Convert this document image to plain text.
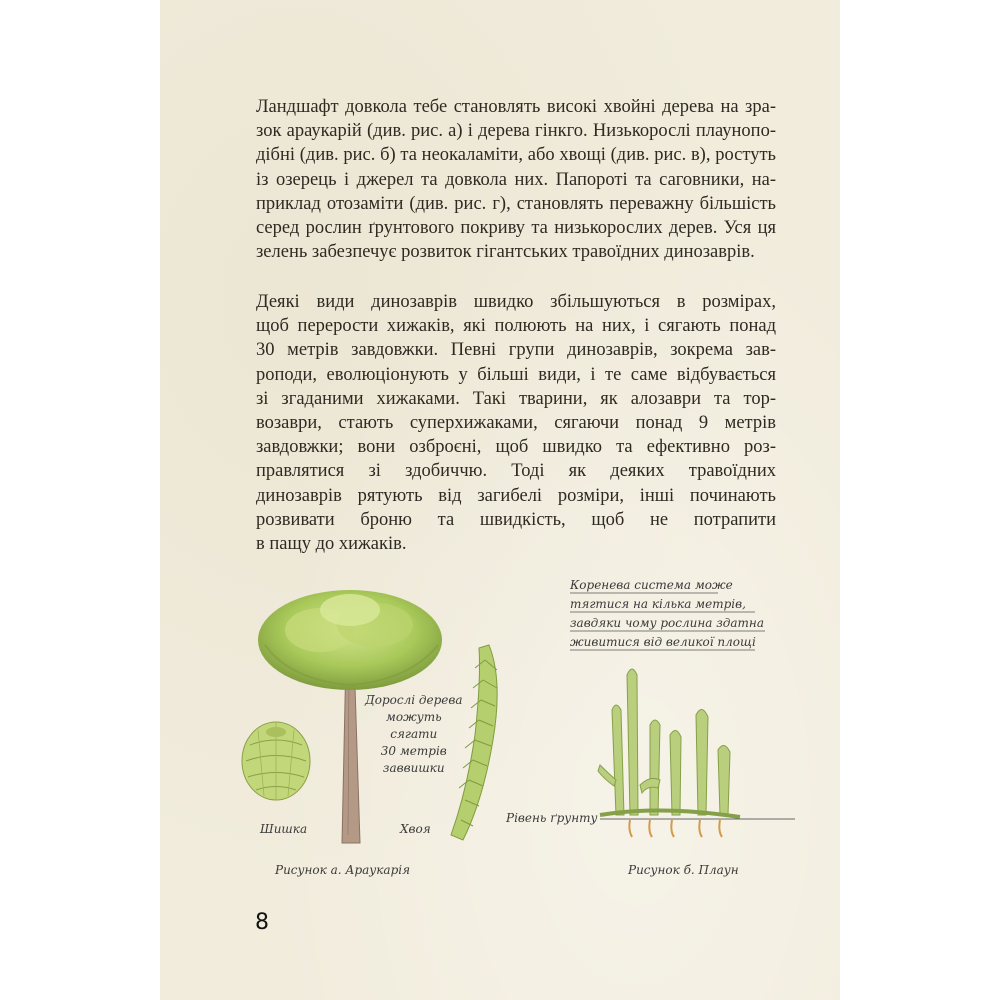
Ландшафт довкола тебе становлять високі хвойні дерева на зра-
зок араукарій (див. рис. а) і дерева гінкго. Низькорослі плаунопо-
дібні (див. рис. б) та неокаламіти, або хвощі (див. рис. в), ростуть
із озерець і джерел та довкола них. Папороті та саговники, на-
приклад отозаміти (див. рис. г), становлять переважну більшість
серед рослин ґрунтового покриву та низькорослих дерев. Уся ця
зелень забезпечує розвиток гігантських травоїдних динозаврів.

Деякі види динозаврів швидко збільшуються в розмірах,
щоб перерости хижаків, які полюють на них, і сягають понад
30 метрів завдовжки. Певні групи динозаврів, зокрема зав-
роподи, еволюціонують у більші види, і те саме відбувається
зі згаданими хижаками. Такі тварини, як алозаври та тор-
возаври, стають суперхижаками, сягаючи понад 9 метрів
завдовжки; вони озброєні, щоб швидко та ефективно роз-
правлятися зі здобиччю. Тоді як деяких травоїдних
динозаврів рятують від загибелі розміри, інші починають
розвивати броню та швидкість, щоб не потрапити
в пащу до хижаків.

Дорослі дерева
можуть
сягати
30 метрів
заввишки
Шишка	Хвоя
Рисунок а. Араукарія
Коренева система може
тягтися на кілька метрів,
завдяки чому рослина здатна
живитися від великої площі
Рівень ґрунту
Рисунок б. Плаун
8
